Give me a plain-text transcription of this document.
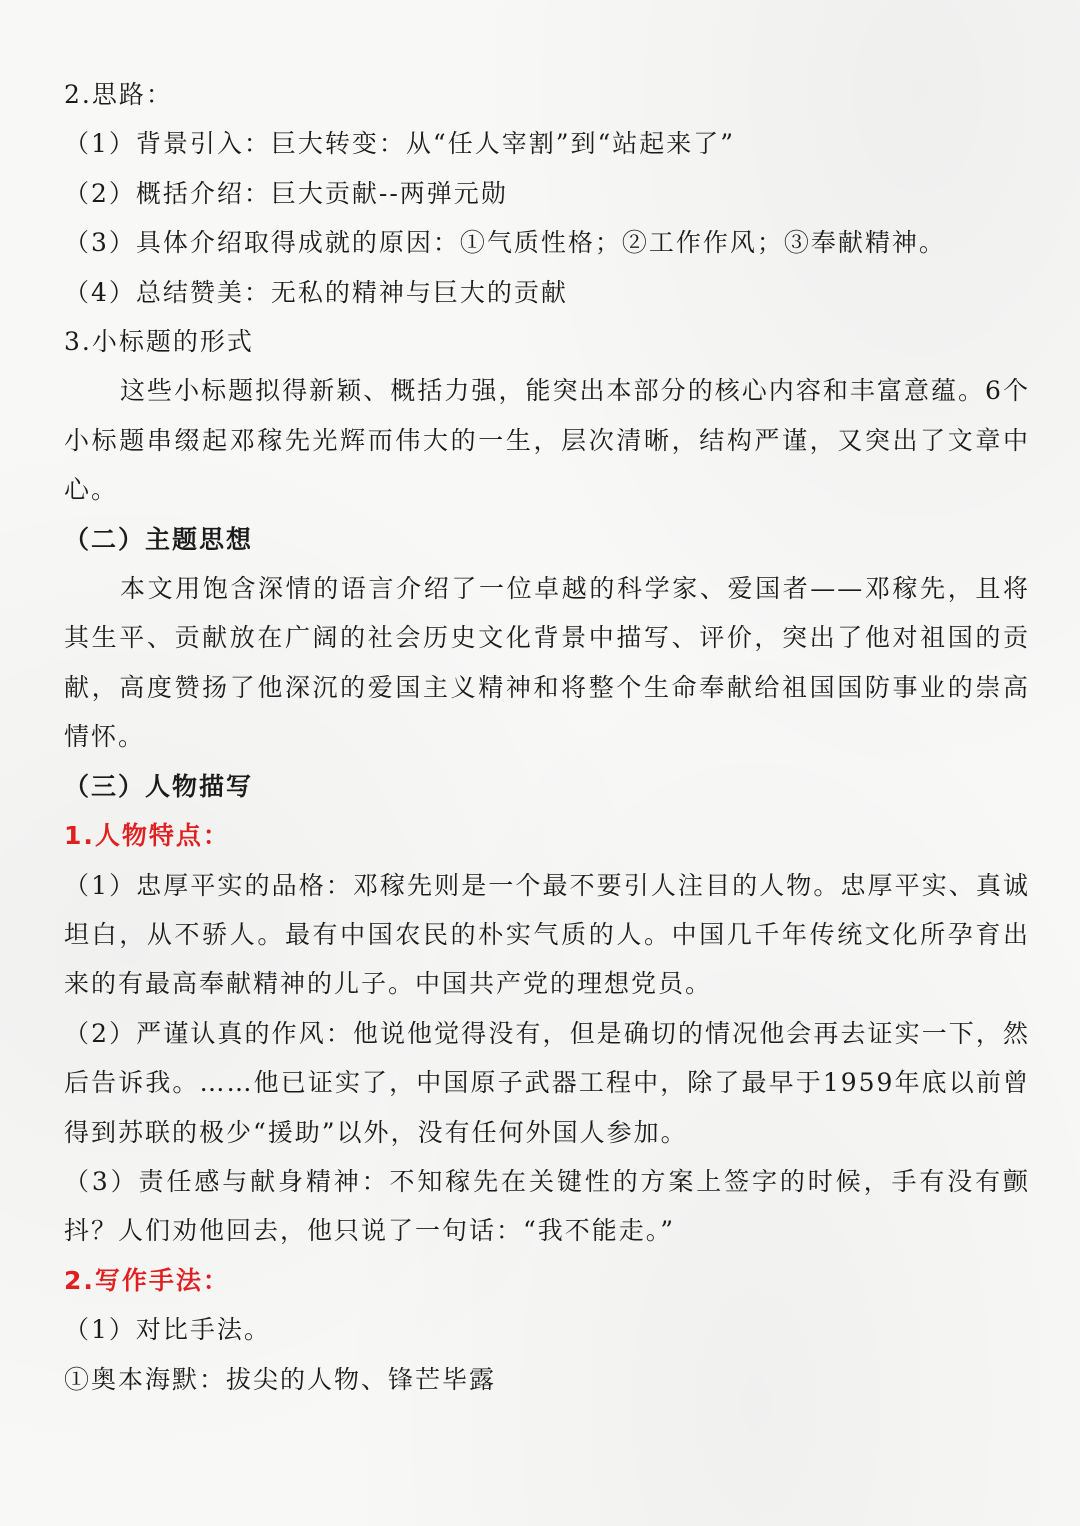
2.思路：

（1）背景引入：巨大转变：从“任人宰割”到“站起来了”

（2）概括介绍：巨大贡献--两弹元勋

（3）具体介绍取得成就的原因：①气质性格；②工作作风；③奉献精神。

（4）总结赞美：无私的精神与巨大的贡献

3.小标题的形式

这些小标题拟得新颖、概括力强，能突出本部分的核心内容和丰富意蕴。6个小标题串缀起邓稼先光辉而伟大的一生，层次清晰，结构严谨，又突出了文章中心。

（二）主题思想

本文用饱含深情的语言介绍了一位卓越的科学家、爱国者——邓稼先，且将其生平、贡献放在广阔的社会历史文化背景中描写、评价，突出了他对祖国的贡献，高度赞扬了他深沉的爱国主义精神和将整个生命奉献给祖国国防事业的崇高情怀。

（三）人物描写

1.人物特点：

（1）忠厚平实的品格：邓稼先则是一个最不要引人注目的人物。忠厚平实、真诚坦白，从不骄人。最有中国农民的朴实气质的人。中国几千年传统文化所孕育出来的有最高奉献精神的儿子。中国共产党的理想党员。

（2）严谨认真的作风：他说他觉得没有，但是确切的情况他会再去证实一下，然后告诉我。……他已证实了，中国原子武器工程中，除了最早于1959年底以前曾得到苏联的极少“援助”以外，没有任何外国人参加。

（3）责任感与献身精神：不知稼先在关键性的方案上签字的时候，手有没有颤抖？人们劝他回去，他只说了一句话：“我不能走。”

2.写作手法：

（1）对比手法。

①奥本海默：拔尖的人物、锋芒毕露
